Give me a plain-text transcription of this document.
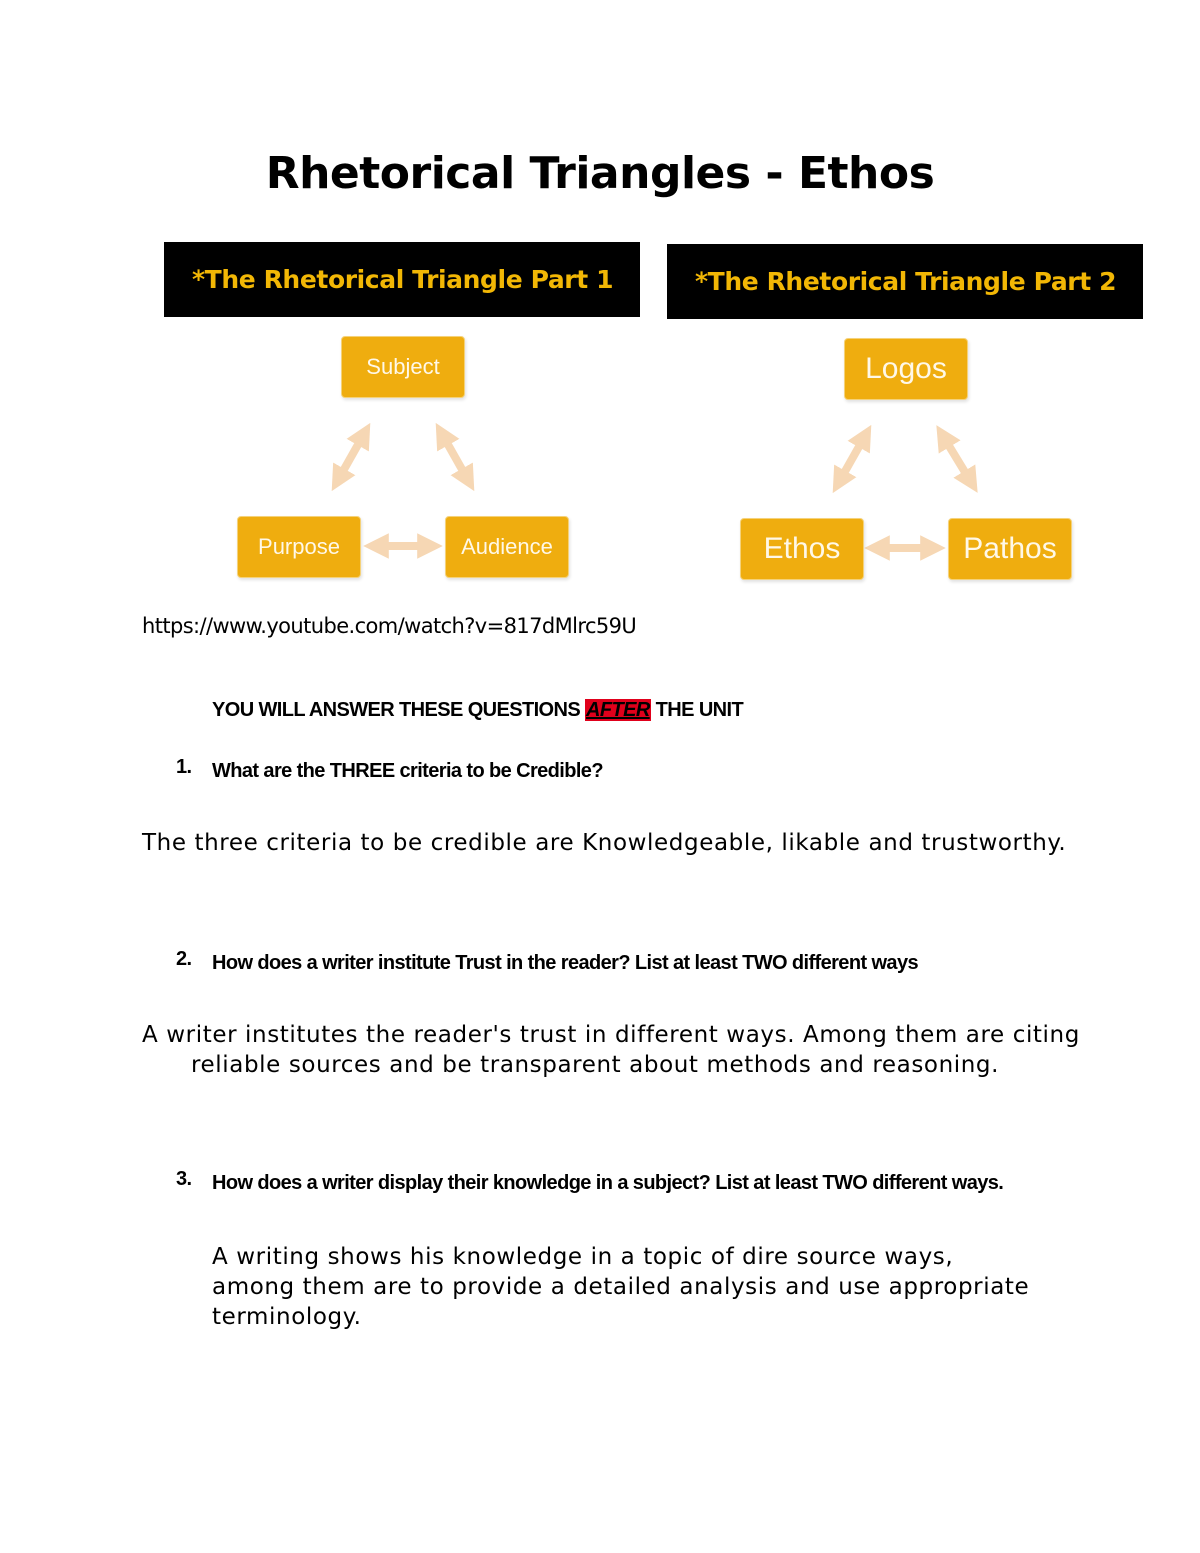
Rhetorical Triangles - Ethos
*The Rhetorical Triangle Part 1
Subject
Purpose	Audience
*The Rhetorical Triangle Part 2
Logos
Ethos	Pathos
https://www.youtube.com/watch?v=817dMlrc59U
YOU WILL ANSWER THESE QUESTIONS AFTER THE UNIT
1. What are the THREE criteria to be Credible?
The three criteria to be credible are Knowledgeable, likable and trustworthy.
2. How does a writer institute Trust in the reader? List at least TWO different ways
A writer institutes the reader's trust in different ways. Among them are citing reliable sources and be transparent about methods and reasoning.
3. How does a writer display their knowledge in a subject? List at least TWO different ways.
A writing shows his knowledge in a topic of dire source ways, among them are to provide a detailed analysis and use appropriate terminology.
